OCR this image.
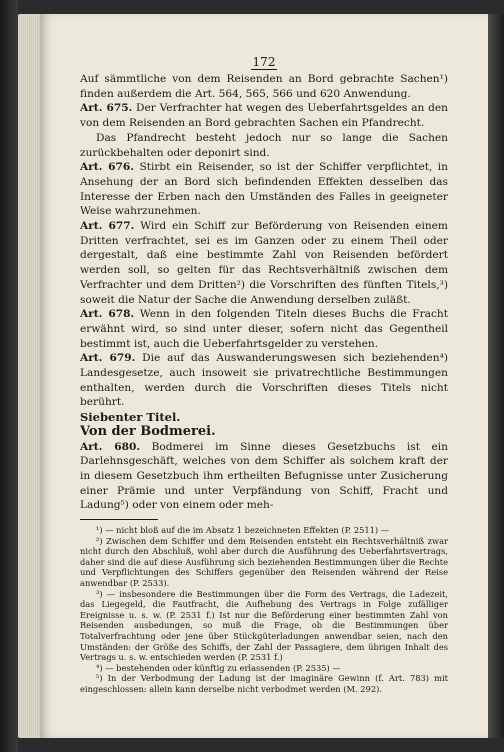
172

Auf sämmtliche von dem Reisenden an Bord gebrachte Sachen¹) finden außerdem die Art. 564, 565, 566 und 620 Anwendung.

Art. 675. Der Verfrachter hat wegen des Ueberfahrtsgeldes an den von dem Reisenden an Bord gebrachten Sachen ein Pfandrecht.

Das Pfandrecht besteht jedoch nur so lange die Sachen zurückbehalten oder deponirt sind.

Art. 676. Stirbt ein Reisender, so ist der Schiffer verpflichtet, in Ansehung der an Bord sich befindenden Effekten desselben das Interesse der Erben nach den Umständen des Falles in geeigneter Weise wahrzunehmen.

Art. 677. Wird ein Schiff zur Beförderung von Reisenden einem Dritten verfrachtet, sei es im Ganzen oder zu einem Theil oder dergestalt, daß eine bestimmte Zahl von Reisenden befördert werden soll, so gelten für das Rechtsverhältniß zwischen dem Verfrachter und dem Dritten²) die Vorschriften des fünften Titels,³) soweit die Natur der Sache die Anwendung derselben zuläßt.

Art. 678. Wenn in den folgenden Titeln dieses Buchs die Fracht erwähnt wird, so sind unter dieser, sofern nicht das Gegentheil bestimmt ist, auch die Ueberfahrtsgelder zu verstehen.

Art. 679. Die auf das Auswanderungswesen sich beziehenden⁴) Landesgesetze, auch insoweit sie privatrechtliche Bestimmungen enthalten, werden durch die Vorschriften dieses Titels nicht berührt.

Siebenter Titel.

Von der Bodmerei.

Art. 680. Bodmerei im Sinne dieses Gesetzbuchs ist ein Darlehnsgeschäft, welches von dem Schiffer als solchem kraft der in diesem Gesetzbuch ihm ertheilten Befugnisse unter Zusicherung einer Prämie und unter Verpfändung von Schiff, Fracht und Ladung⁵) oder von einem oder meh-

¹) — nicht bloß auf die im Absatz 1 bezeichneten Effekten (P. 2511) —

²) Zwischen dem Schiffer und dem Reisenden entsteht ein Rechtsverhältniß zwar nicht durch den Abschluß, wohl aber durch die Ausführung des Ueberfahrtsvertrags, daher sind die auf diese Ausführung sich beziehenden Bestimmungen über die Rechte und Verpflichtungen des Schiffers gegenüber den Reisenden während der Reise anwendbar (P. 2533).

³) — insbesondere die Bestimmungen über die Form des Vertrags, die Ladezeit, das Liegegeld, die Fautfracht, die Aufhebung des Vertrags in Folge zufälliger Ereignisse u. s. w. (P. 2531 f.) Ist nur die Beförderung einer bestimmten Zahl von Reisenden ausbedungen, so muß die Frage, ob die Bestimmungen über Totalverfrachtung oder jene über Stückgüterladungen anwendbar seien, nach den Umständen: der Größe des Schiffs, der Zahl der Passagiere, dem übrigen Inhalt des Vertrags u. s. w. entschieden werden (P. 2531 f.)

⁴) — bestehenden oder künftig zu erlassenden (P. 2535) —

⁵) In der Verbodmung der Ladung ist der imaginäre Gewinn (f. Art. 783) mit eingeschlossen: allein kann derselbe nicht verbodmet werden (M. 292).
